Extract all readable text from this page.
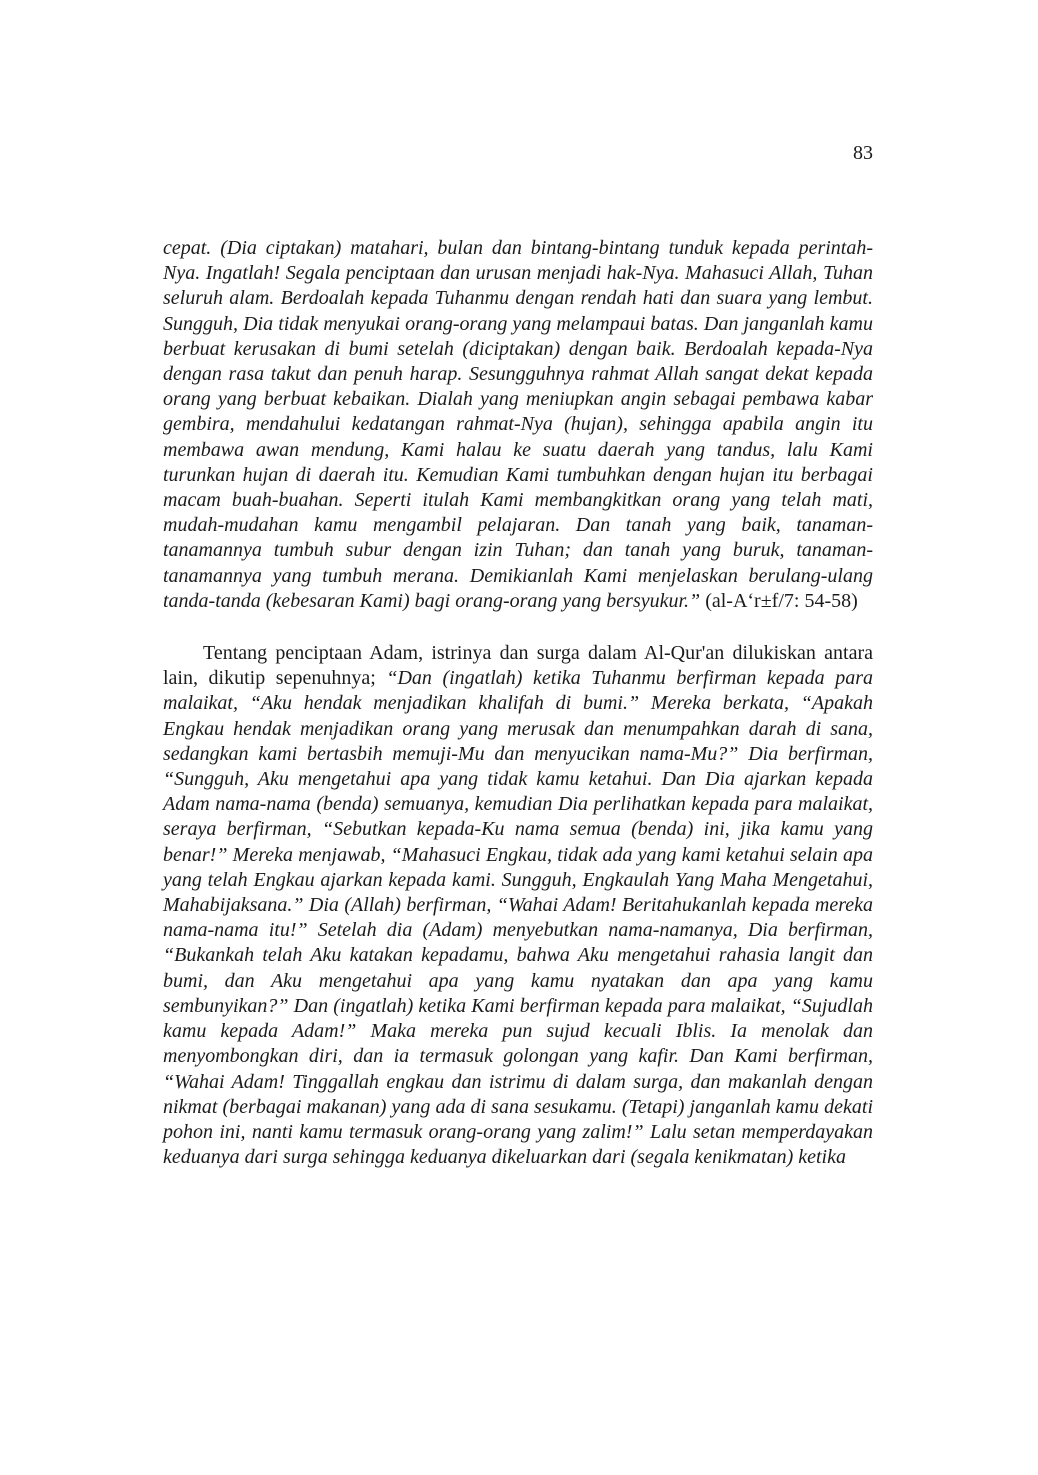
83

cepat. (Dia ciptakan) matahari, bulan dan bintang-bintang tunduk kepada perintah-Nya. Ingatlah! Segala penciptaan dan urusan menjadi hak-Nya. Mahasuci Allah, Tuhan seluruh alam. Berdoalah kepada Tuhanmu dengan rendah hati dan suara yang lembut. Sungguh, Dia tidak menyukai orang-orang yang melampaui batas. Dan janganlah kamu berbuat kerusakan di bumi setelah (diciptakan) dengan baik. Berdoalah kepada-Nya dengan rasa takut dan penuh harap. Sesungguhnya rahmat Allah sangat dekat kepada orang yang berbuat kebaikan. Dialah yang meniupkan angin sebagai pembawa kabar gembira, mendahului kedatangan rahmat-Nya (hujan), sehingga apabila angin itu membawa awan mendung, Kami halau ke suatu daerah yang tandus, lalu Kami turunkan hujan di daerah itu. Kemudian Kami tumbuhkan dengan hujan itu berbagai macam buah-buahan. Seperti itulah Kami membangkitkan orang yang telah mati, mudah-mudahan kamu mengambil pelajaran. Dan tanah yang baik, tanaman-tanamannya tumbuh subur dengan izin Tuhan; dan tanah yang buruk, tanaman-tanamannya yang tumbuh merana. Demikianlah Kami menjelaskan berulang-ulang tanda-tanda (kebesaran Kami) bagi orang-orang yang bersyukur.” (al-A‘r±f/7: 54-58)

Tentang penciptaan Adam, istrinya dan surga dalam Al-Qur'an dilukiskan antara lain, dikutip sepenuhnya; “Dan (ingatlah) ketika Tuhanmu berfirman kepada para malaikat, “Aku hendak menjadikan khalifah di bumi.” Mereka berkata, “Apakah Engkau hendak menjadikan orang yang merusak dan menumpahkan darah di sana, sedangkan kami bertasbih memuji-Mu dan menyucikan nama-Mu?” Dia berfirman, “Sungguh, Aku mengetahui apa yang tidak kamu ketahui. Dan Dia ajarkan kepada Adam nama-nama (benda) semuanya, kemudian Dia perlihatkan kepada para malaikat, seraya berfirman, “Sebutkan kepada-Ku nama semua (benda) ini, jika kamu yang benar!” Mereka menjawab, “Mahasuci Engkau, tidak ada yang kami ketahui selain apa yang telah Engkau ajarkan kepada kami. Sungguh, Engkaulah Yang Maha Mengetahui, Mahabijaksana.” Dia (Allah) berfirman, “Wahai Adam! Beritahukanlah kepada mereka nama-nama itu!” Setelah dia (Adam) menyebutkan nama-namanya, Dia berfirman, “Bukankah telah Aku katakan kepadamu, bahwa Aku mengetahui rahasia langit dan bumi, dan Aku mengetahui apa yang kamu nyatakan dan apa yang kamu sembunyikan?” Dan (ingatlah) ketika Kami berfirman kepada para malaikat, “Sujudlah kamu kepada Adam!” Maka mereka pun sujud kecuali Iblis. Ia menolak dan menyombongkan diri, dan ia termasuk golongan yang kafir. Dan Kami berfirman, “Wahai Adam! Tinggallah engkau dan istrimu di dalam surga, dan makanlah dengan nikmat (berbagai makanan) yang ada di sana sesukamu. (Tetapi) janganlah kamu dekati pohon ini, nanti kamu termasuk orang-orang yang zalim!” Lalu setan memperdayakan keduanya dari surga sehingga keduanya dikeluarkan dari (segala kenikmatan) ketika
